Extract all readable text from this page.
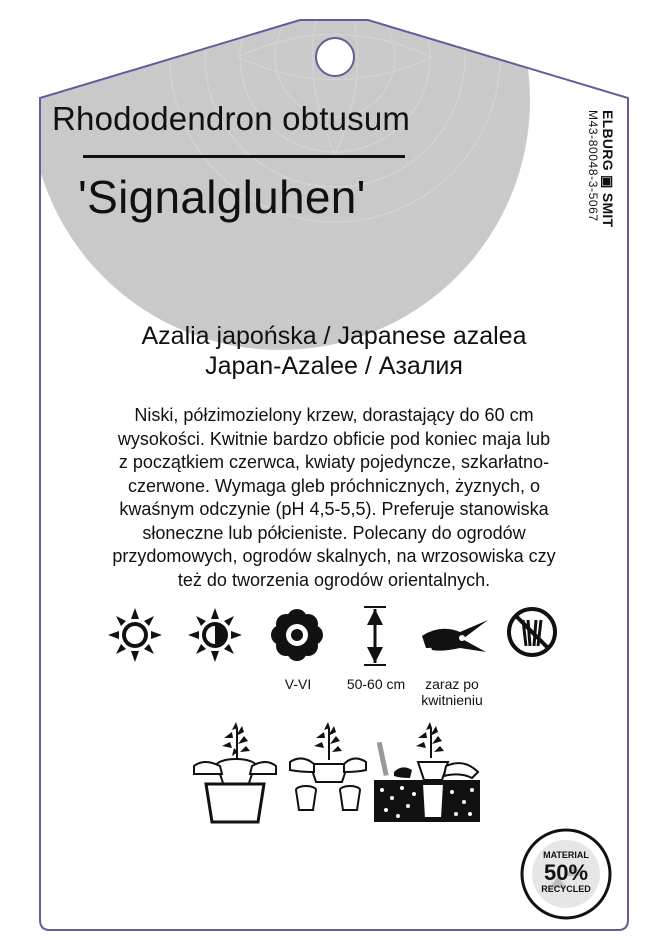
Rhododendron obtusum
'Signalgluhen'	ELBURG ▣ SMIT
M43-80048-3-5067
Azalia japońska / Japanese azalea
Japan-Azalee / Азалия
Niski, półzimozielony krzew, dorastający do 60 cm
wysokości. Kwitnie bardzo obficie pod koniec maja lub
z początkiem czerwca, kwiaty pojedyncze, szkarłatno-
czerwone. Wymaga gleb próchnicznych, żyznych, o
kwaśnym odczynie (pH 4,5-5,5). Preferuje stanowiska
słoneczne lub półcieniste. Polecany do ogrodów
przydomowych, ogrodów skalnych, na wrzosowiska czy
też do tworzenia ogrodów orientalnych.
V-VI	50-60 cm	zaraz po
kwitnieniu
MATERIAL
50%
RECYCLED
